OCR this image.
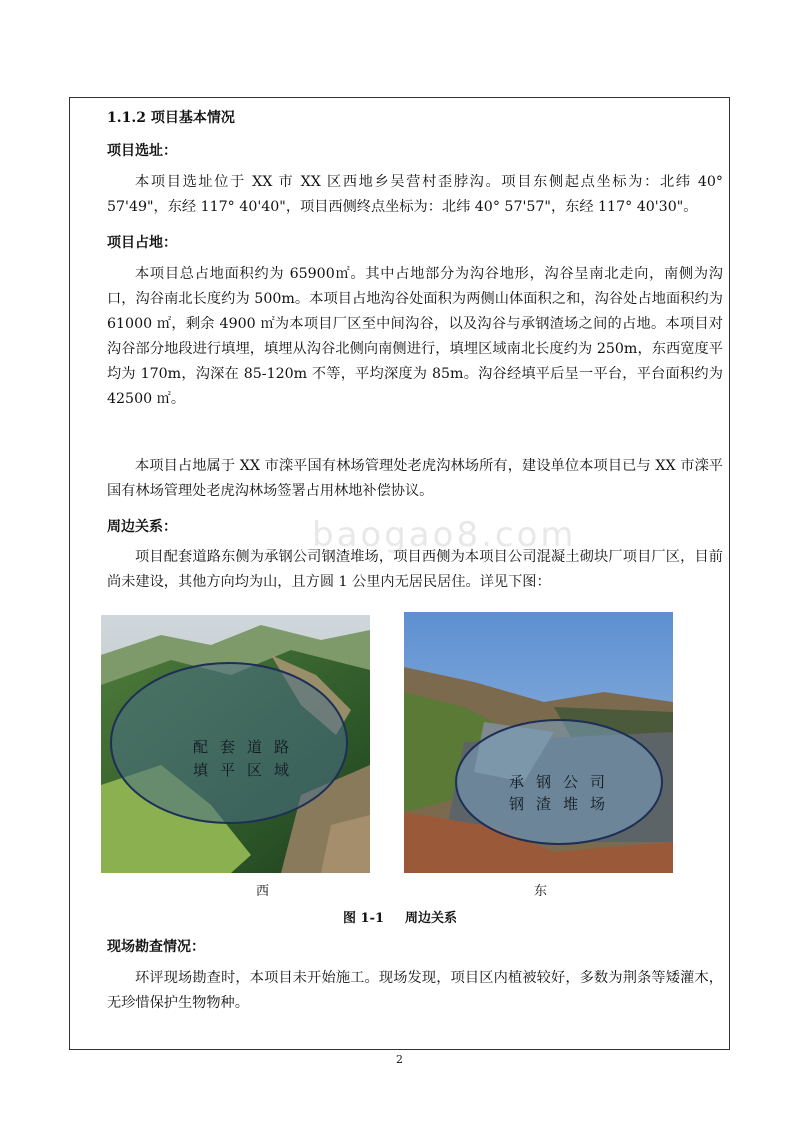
1.1.2 项目基本情况
项目选址：

本项目选址位于 XX 市 XX 区西地乡吴营村歪脖沟。项目东侧起点坐标为：北纬 40° 57'49"，东经 117° 40'40"，项目西侧终点坐标为：北纬 40° 57'57"，东经 117° 40'30"。

项目占地：

本项目总占地面积约为 65900㎡。其中占地部分为沟谷地形，沟谷呈南北走向，南侧为沟口，沟谷南北长度约为 500m。本项目占地沟谷处面积为两侧山体面积之和，沟谷处占地面积约为 61000 ㎡，剩余 4900 ㎡为本项目厂区至中间沟谷，以及沟谷与承钢渣场之间的占地。本项目对沟谷部分地段进行填埋，填埋从沟谷北侧向南侧进行，填埋区域南北长度约为 250m，东西宽度平均为 170m，沟深在 85-120m 不等，平均深度为 85m。沟谷经填平后呈一平台，平台面积约为 42500 ㎡。

本项目占地属于 XX 市滦平国有林场管理处老虎沟林场所有，建设单位本项目已与 XX 市滦平国有林场管理处老虎沟林场签署占用林地补偿协议。

baogao8.com
周边关系：

项目配套道路东侧为承钢公司钢渣堆场，项目西侧为本项目公司混凝土砌块厂项目厂区，目前尚未建设，其他方向均为山，且方圆 1 公里内无居民居住。详见下图：

配套道路
填平区域
承钢公司
钢渣堆场
西	东
图 1-1 周边关系
现场勘查情况：

环评现场勘查时，本项目未开始施工。现场发现，项目区内植被较好，多数为荆条等矮灌木，无珍惜保护生物物种。

2
